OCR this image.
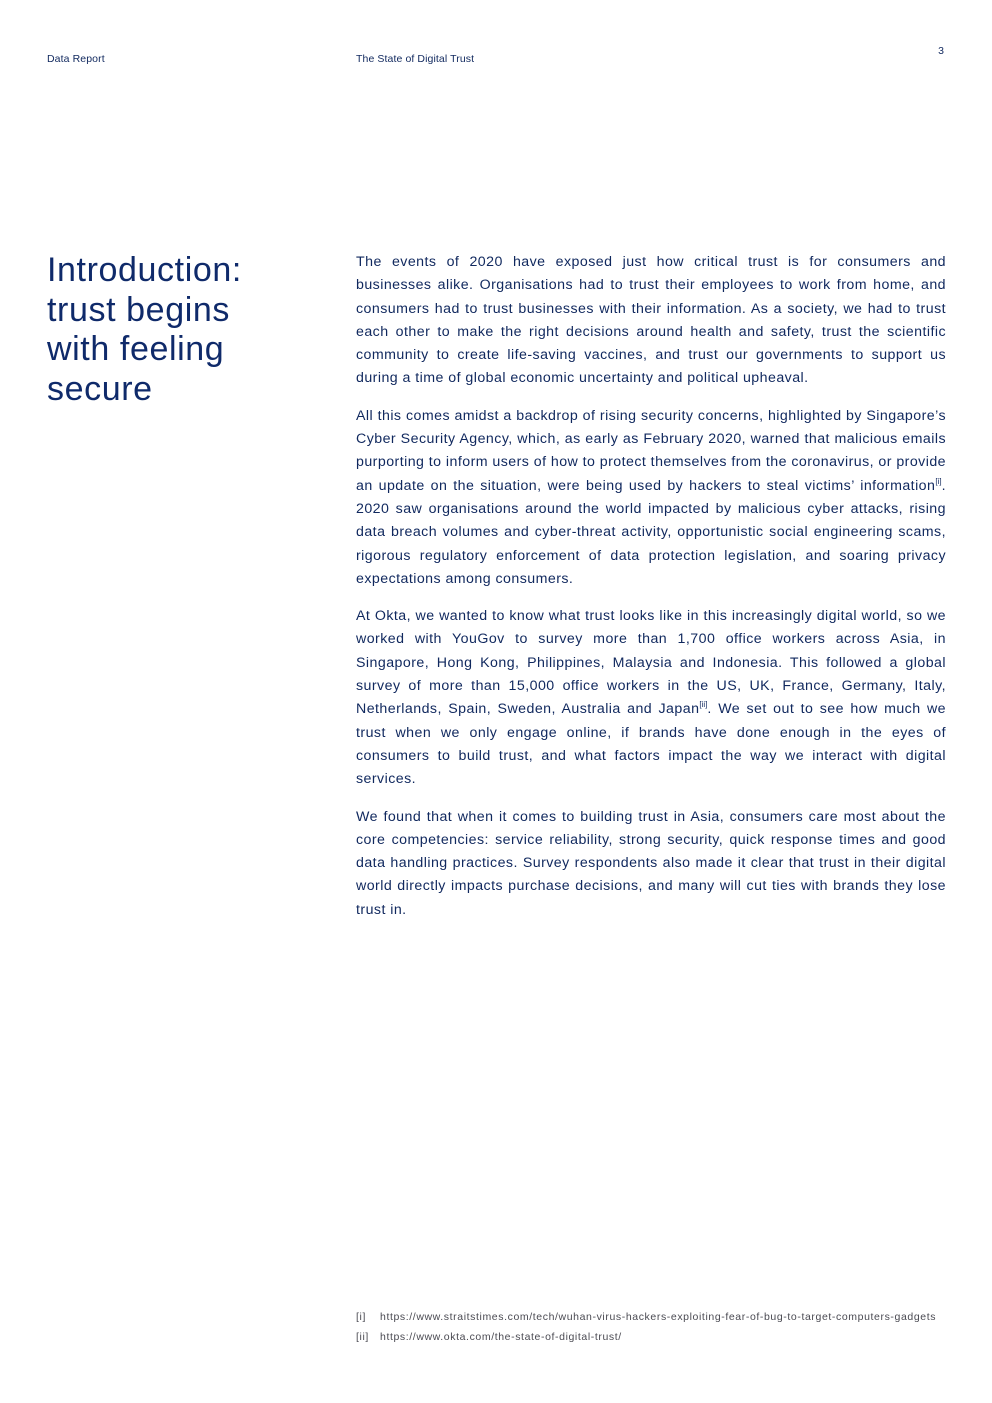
Data Report	The State of Digital Trust
3
Introduction:
trust begins
with feeling
secure

The events of 2020 have exposed just how critical trust is for consumers and businesses alike. Organisations had to trust their employees to work from home, and consumers had to trust businesses with their information. As a society, we had to trust each other to make the right decisions around health and safety, trust the scientific community to create life-saving vaccines, and trust our governments to support us during a time of global economic uncertainty and political upheaval.

All this comes amidst a backdrop of rising security concerns, highlighted by Singapore’s Cyber Security Agency, which, as early as February 2020, warned that malicious emails purporting to inform users of how to protect themselves from the coronavirus, or provide an update on the situation, were being used by hackers to steal victims’ information[i]. 2020 saw organisations around the world impacted by malicious cyber attacks, rising data breach volumes and cyber-threat activity, opportunistic social engineering scams, rigorous regulatory enforcement of data protection legislation, and soaring privacy expectations among consumers.

At Okta, we wanted to know what trust looks like in this increasingly digital world, so we worked with YouGov to survey more than 1,700 office workers across Asia, in Singapore, Hong Kong, Philippines, Malaysia and Indonesia. This followed a global survey of more than 15,000 office workers in the US, UK, France, Germany, Italy, Netherlands, Spain, Sweden, Australia and Japan[ii]. We set out to see how much we trust when we only engage online, if brands have done enough in the eyes of consumers to build trust, and what factors impact the way we interact with digital services.

We found that when it comes to building trust in Asia, consumers care most about the core competencies: service reliability, strong security, quick response times and good data handling practices. Survey respondents also made it clear that trust in their digital world directly impacts purchase decisions, and many will cut ties with brands they lose trust in.

[i]	https://www.straitstimes.com/tech/wuhan-virus-hackers-exploiting-fear-of-bug-to-target-computers-gadgets
[ii]	https://www.okta.com/the-state-of-digital-trust/
